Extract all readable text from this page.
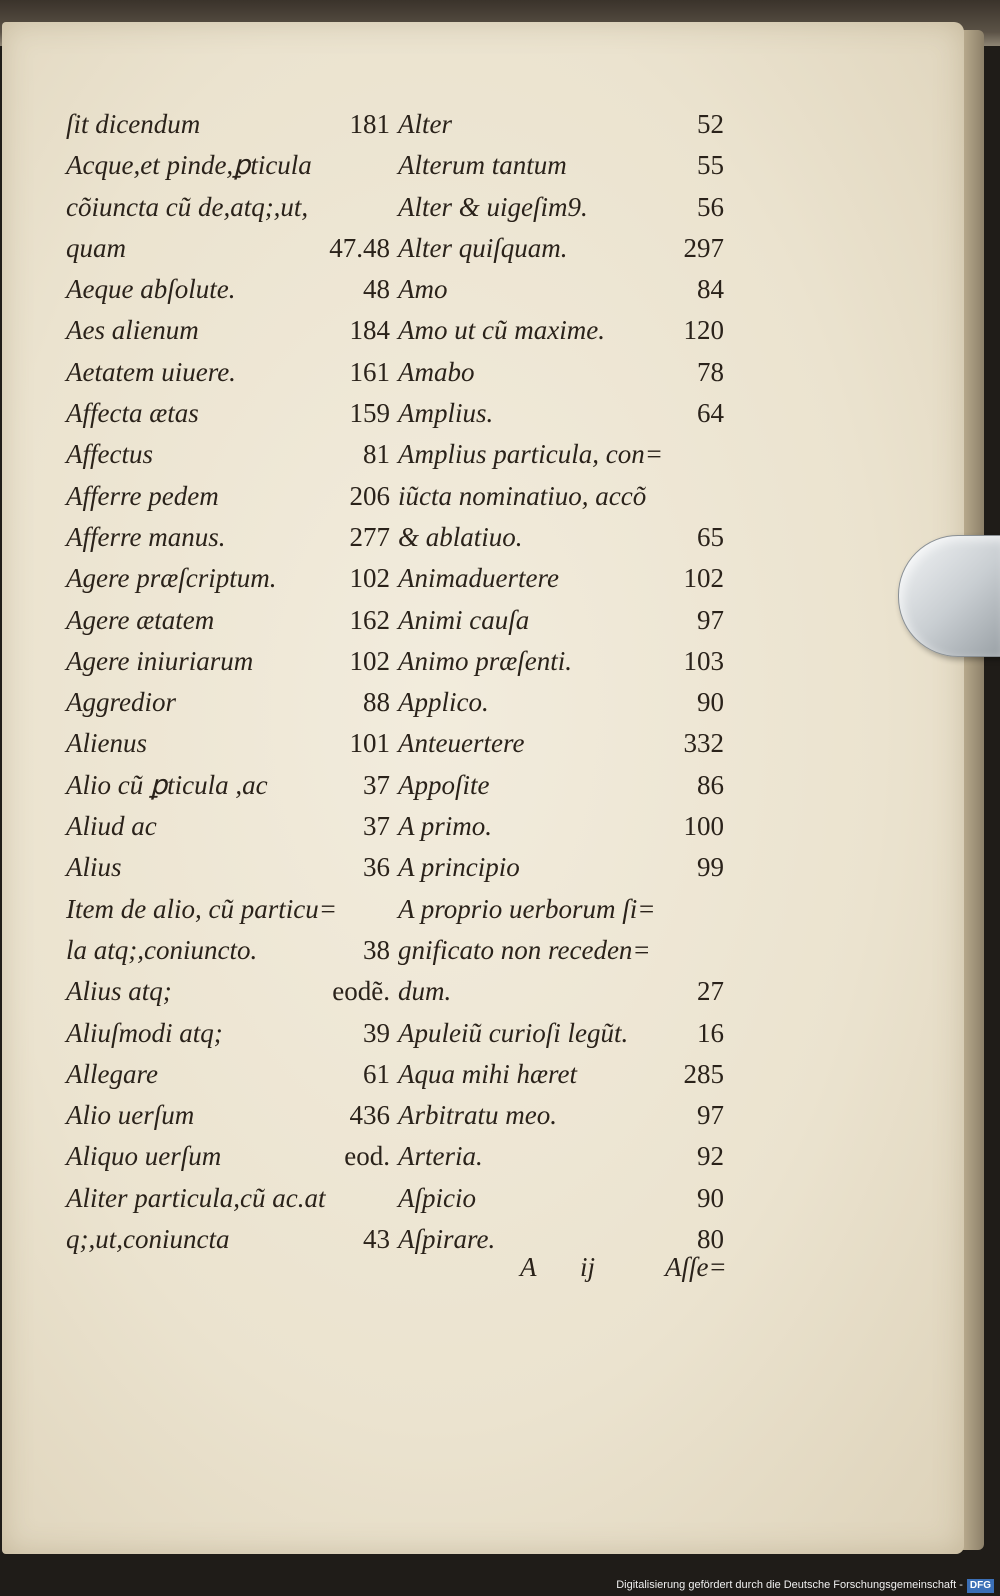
ſit dicendum	181
Acque,et pinde,ꝑticula
cõiuncta cũ de,atq;,ut,
quam	47.48
Aeque abſolute.	48
Aes alienum	184
Aetatem uiuere.	161
Affecta ætas	159
Affectus	81
Afferre pedem	206
Afferre manus.	277
Agere præſcriptum.	102
Agere ætatem	162
Agere iniuriarum	102
Aggredior	88
Alienus	101
Alio cũ ꝑticula ,ac	37
Aliud ac	37
Alius	36
Item de alio, cũ particu=
la atq;,coniuncto.	38
Alius atq;	eodẽ.
Aliuſmodi atq;	39
Allegare	61
Alio uerſum	436
Aliquo uerſum	eod.
Aliter particula,cũ ac.at
q;,ut,coniuncta	43
Alter	52
Alterum tantum	55
Alter & uigeſim9.	56
Alter quiſquam.	297
Amo	84
Amo ut cũ maxime.	120
Amabo	78
Amplius.	64
Amplius particula, con=
iũcta nominatiuo, accõ
& ablatiuo.	65
Animaduertere	102
Animi cauſa	97
Animo præſenti.	103
Applico.	90
Anteuertere	332
Appoſite	86
A primo.	100
A principio	99
A proprio uerborum ſi=
gnificato non receden=
dum.	27
Apuleiũ curioſi legũt.	16
Aqua mihi hæret	285
Arbitratu meo.	97
Arteria.	92
Aſpicio	90
Aſpirare.	80
A ij	Aſſe=
Digitalisierung gefördert durch die Deutsche Forschungsgemeinschaft - DFG
